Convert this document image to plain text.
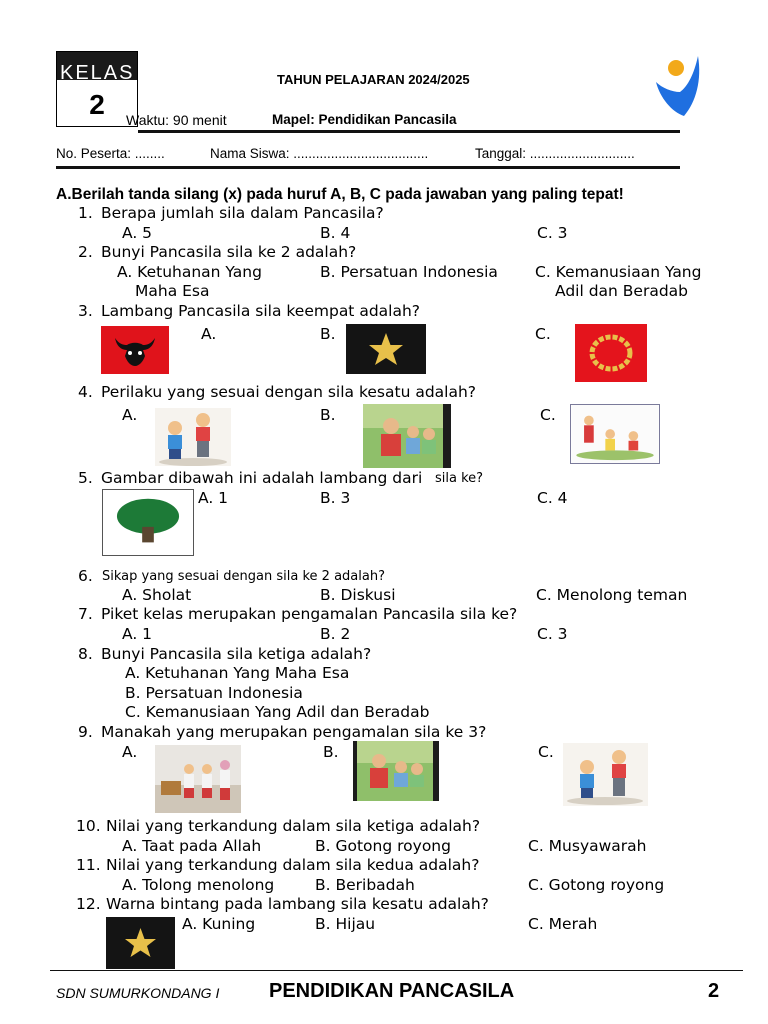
KELAS
2
TAHUN PELAJARAN 2024/2025
Waktu: 90 menit	Mapel: Pendidikan Pancasila
No. Peserta: ........	Nama Siswa: ....................................	Tanggal: ............................
A.Berilah tanda silang (x) pada huruf A, B, C pada jawaban yang paling tepat!
1. Berapa jumlah sila dalam Pancasila?
A. 5	B. 4	C. 3
2. Bunyi Pancasila sila ke 2 adalah?
A. Ketuhanan Yang
Maha Esa
B. Persatuan Indonesia C. Kemanusiaan Yang
Adil dan Beradab
3. Lambang Pancasila sila keempat adalah?
A.	B.	C.
4. Perilaku yang sesuai dengan sila kesatu adalah?
A.	B.	C.
5. Gambar dibawah ini adalah lambang dari sila ke?
A. 1	B. 3	C. 4
6. Sikap yang sesuai dengan sila ke 2 adalah?
A. Sholat	B. Diskusi	C. Menolong teman
7. Piket kelas merupakan pengamalan Pancasila sila ke?
A. 1	B. 2	C. 3
8. Bunyi Pancasila sila ketiga adalah?
A. Ketuhanan Yang Maha Esa
B. Persatuan Indonesia
C. Kemanusiaan Yang Adil dan Beradab
9. Manakah yang merupakan pengamalan sila ke 3?
A.	B.	C.
10. Nilai yang terkandung dalam sila ketiga adalah?
A. Taat pada Allah	B. Gotong royong	C. Musyawarah
11. Nilai yang terkandung dalam sila kedua adalah?
A. Tolong menolong	B. Beribadah	C. Gotong royong
12. Warna bintang pada lambang sila kesatu adalah?
A. Kuning	B. Hijau	C. Merah
SDN SUMURKONDANG I PENDIDIKAN PANCASILA	2
